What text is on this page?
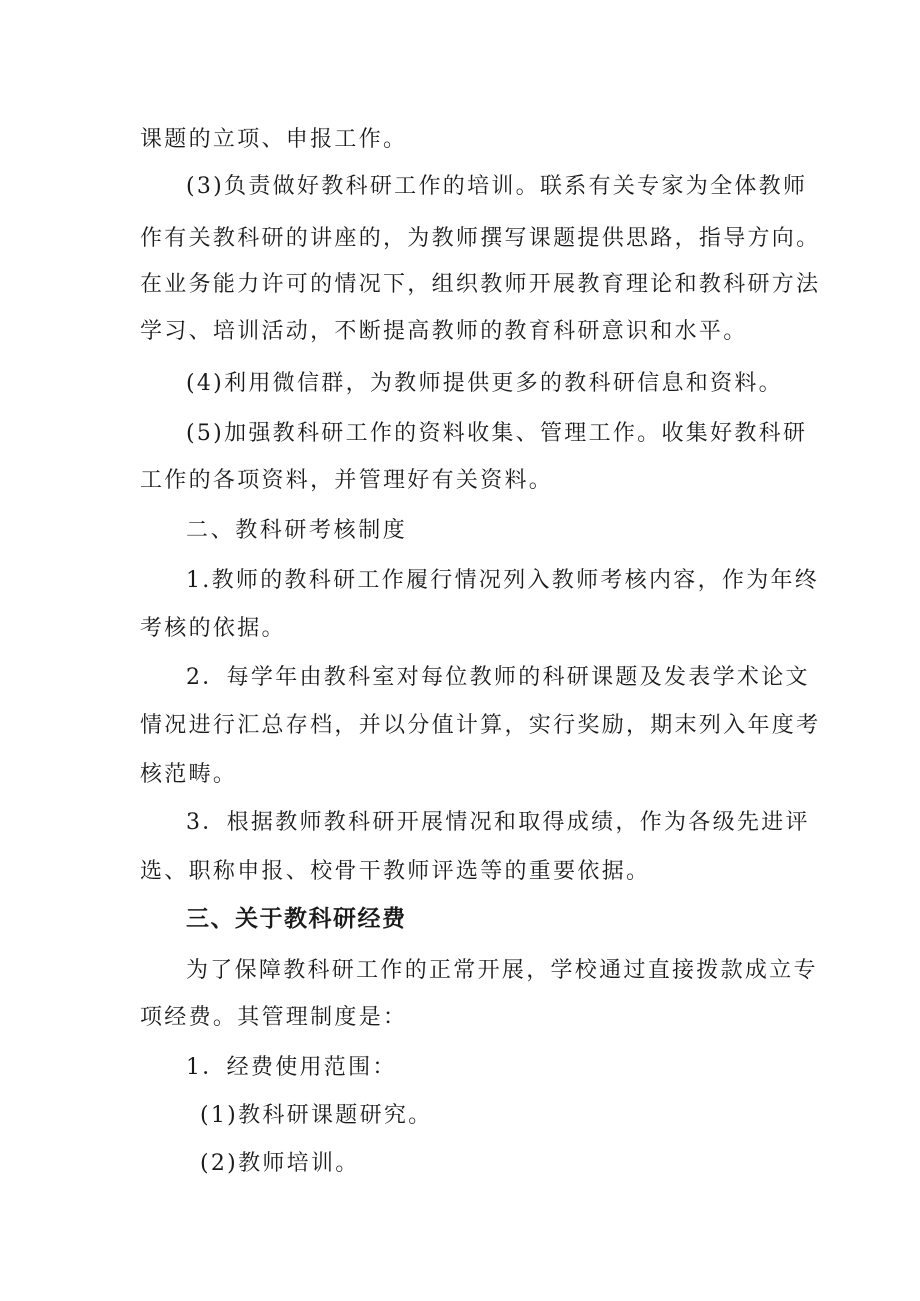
课题的立项、申报工作。
(3)负责做好教科研工作的培训。联系有关专家为全体教师
作有关教科研的讲座的，为教师撰写课题提供思路，指导方向。
在业务能力许可的情况下，组织教师开展教育理论和教科研方法
学习、培训活动，不断提高教师的教育科研意识和水平。
(4)利用微信群，为教师提供更多的教科研信息和资料。
(5)加强教科研工作的资料收集、管理工作。收集好教科研
工作的各项资料，并管理好有关资料。
二、教科研考核制度
1.教师的教科研工作履行情况列入教师考核内容，作为年终
考核的依据。
2．每学年由教科室对每位教师的科研课题及发表学术论文
情况进行汇总存档，并以分值计算，实行奖励，期末列入年度考
核范畴。
3．根据教师教科研开展情况和取得成绩，作为各级先进评
选、职称申报、校骨干教师评选等的重要依据。
三、关于教科研经费
为了保障教科研工作的正常开展，学校通过直接拨款成立专
项经费。其管理制度是：
1．经费使用范围：
(1)教科研课题研究。
(2)教师培训。
